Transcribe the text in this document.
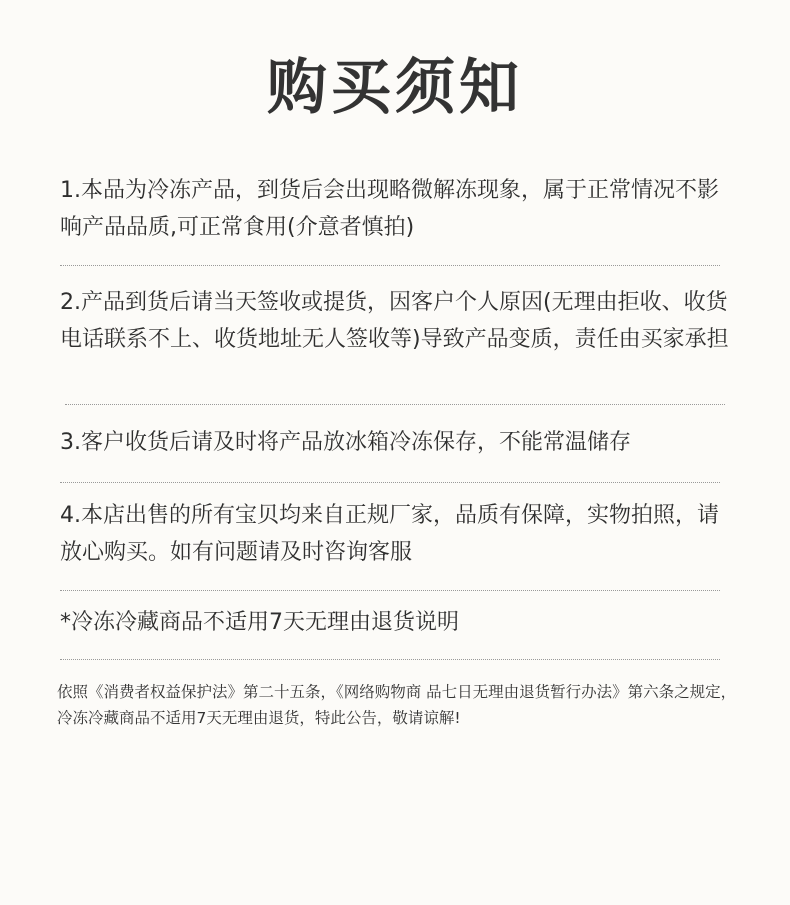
购买须知
1.本品为冷冻产品，到货后会出现略微解冻现象，属于正常情况不影响产品品质,可正常食用(介意者慎拍)
2.产品到货后请当天签收或提货，因客户个人原因(无理由拒收、收货电话联系不上、收货地址无人签收等)导致产品变质，责任由买家承担
3.客户收货后请及时将产品放冰箱冷冻保存，不能常温储存
4.本店出售的所有宝贝均来自正规厂家，品质有保障，实物拍照，请放心购买。如有问题请及时咨询客服
*冷冻冷藏商品不适用7天无理由退货说明
依照《消费者权益保护法》第二十五条，《网络购物商 品七日无理由退货暂行办法》第六条之规定，冷冻冷藏商品不适用7天无理由退货，特此公告，敬请谅解!
